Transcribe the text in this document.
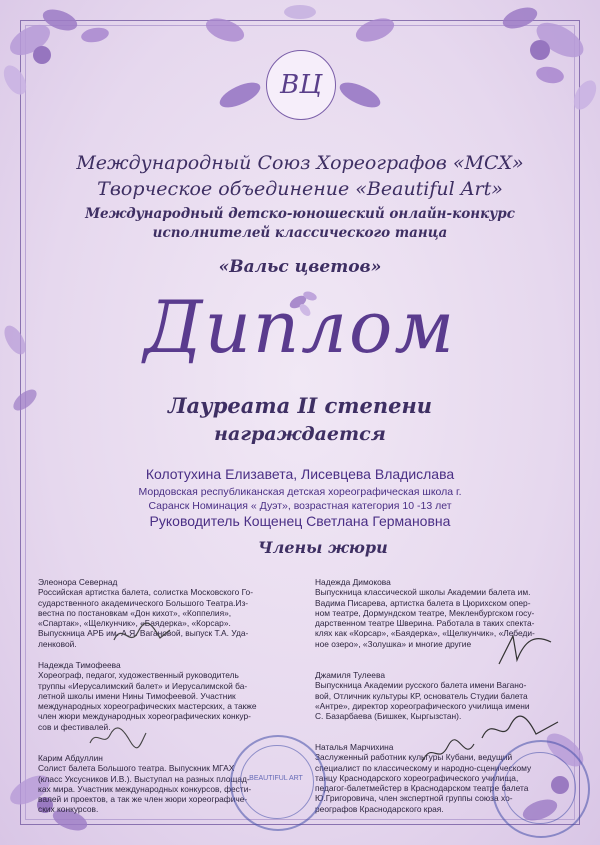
ВЦ
Международный Союз Хореографов «МСХ»
Творческое объединение «Beautiful Art»
Международный детско-юношеский онлайн-конкурс
исполнителей классического танца
«Вальс цветов»
Диплом
Лауреата II степени
награждается
Колотухина Елизавета, Лисевцева Владислава
Мордовская республиканская детская хореографическая школа г.
Саранск Номинация « Дуэт», возрастная категория 10 -13 лет
Руководитель Кощенец Светлана Германовна
Члены жюри
Элеонора Севернад
Российская артистка балета, солистка Московского Го-
сударственного академического Большого Театра.Из-
вестна по постановкам «Дон кихот», «Коппелия»,
«Спартак», «Щелкунчик», «Баядерка», «Корсар».
Выпускница АРБ им. А.Я. Вагановой, выпуск Т.А. Уда-
ленковой.
Надежда Тимофеева
Хореограф, педагог, художественный руководитель
труппы «Иерусалимский балет» и Иерусалимской ба-
летной школы имени Нины Тимофеевой. Участник
международных хореографических мастерских, а также
член жюри международных хореографических конкур-
сов и фестивалей.
Карим Абдуллин
Солист балета Большого театра. Выпускник МГАХ
(класс Уксусников И.В.). Выступал на разных площад-
ках мира. Участник международных конкурсов, фести-
валей и проектов, а так же член жюри хореографиче-
ских конкурсов.
Надежда Димокова
Выпускница классической школы Академии балета им.
Вадима Писарева, артистка балета в Цюрихском опер-
ном театре, Дормундском театре, Мекленбургском госу-
дарственном театре Шверина. Работала в таких спекта-
клях как «Корсар», «Баядерка», «Щелкунчик», «Лебеди-
ное озеро», «Золушка» и многие другие
Джамиля Тулеева
Выпускница Академии русского балета имени Вагано-
вой, Отличник культуры КР, основатель Студии балета
«Антре», директор хореографического училища имени
С. Базарбаева (Бишкек, Кыргызстан).
Наталья Марчихина
Заслуженный работник культуры Кубани, ведущий
специалист по классическому и народно-сценическому
танцу Краснодарского хореографического училища,
педагог-балетмейстер в Краснодарском театре балета
Ю.Григоровича, член экспертной группы союза хо-
реографов Краснодарского края.
BEAUTIFUL ART
